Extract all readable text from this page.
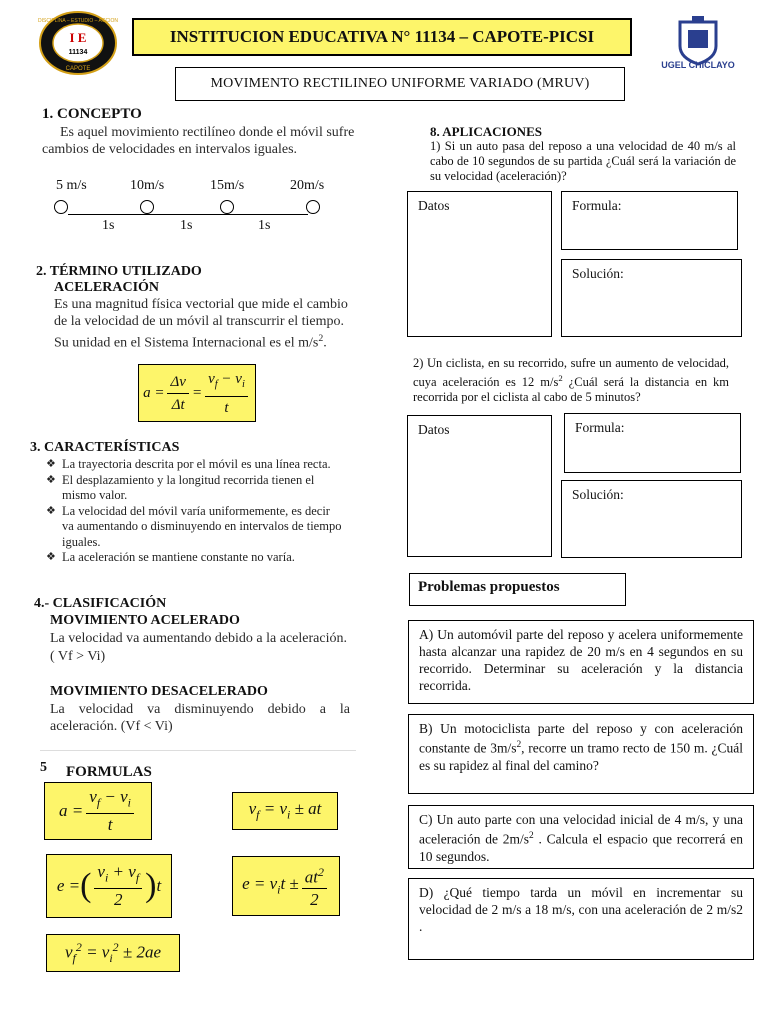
I E
11134
DISCIPLINA – ESTUDIO – ACCION
CAPOTE
INSTITUCION EDUCATIVA N° 11134 – CAPOTE-PICSI
UGEL CHICLAYO
MOVIMENTO RECTILINEO UNIFORME VARIADO (MRUV)
1. CONCEPTO
Es aquel movimiento rectilíneo donde el móvil sufre cambios de velocidades en intervalos iguales.
5 m/s	10m/s	15m/s	20m/s
1s	1s	1s
2. TÉRMINO UTILIZADO
ACELERACIÓN
Es una magnitud física vectorial que mide el cambio de la velocidad de un móvil al transcurrir el tiempo. Su unidad en el Sistema Internacional es el $m/s^2$.
$a = \frac{\Delta v}{\Delta t} = \frac{v_f - v_i}{t}$
3. CARACTERÍSTICAS
❖ La trayectoria descrita por el móvil es una línea recta.
❖ El desplazamiento y la longitud recorrida tienen el mismo valor.
❖ La velocidad del móvil varía uniformemente, es decir va aumentando o disminuyendo en intervalos de tiempo iguales.
❖ La aceleración se mantiene constante no varía.
4.- CLASIFICACIÓN
MOVIMIENTO ACELERADO
La velocidad va aumentando debido a la aceleración.
( Vf > Vi)
MOVIMIENTO DESACELERADO
La velocidad va disminuyendo debido a la aceleración. (Vf < Vi)
5 FORMULAS
$a = \frac{v_f - v_i}{t}$	$v_f = v_i$ ± at
e = ( $\frac{v_i + v_f}{2}$ ) t	$e = v_it \pm \frac{at^2}{2}$
$v_f^2 = v_i^2 \pm 2ae$
8. APLICACIONES
1) Si un auto pasa del reposo a una velocidad de 40 m/s al cabo de 10 segundos de su partida ¿Cuál será la variación de su velocidad (aceleración)?
Datos	Formula:
Solución:
2) Un ciclista, en su recorrido, sufre un aumento de velocidad, cuya aceleración es 12 $m/s^2$ ¿Cuál será la distancia en km recorrida por el ciclista al cabo de 5 minutos?
Datos	Formula:
Solución:
Problemas propuestos
A) Un automóvil parte del reposo y acelera uniformemente hasta alcanzar una rapidez de 20 m/s en 4 segundos en su recorrido. Determinar su aceleración y la distancia recorrida.
B) Un motociclista parte del reposo y con aceleración constante de $3m/s^2$, recorre un tramo recto de 150 m. ¿Cuál es su rapidez al final del camino?
C) Un auto parte con una velocidad inicial de 4 m/s, y una aceleración de $2m/s^2$ . Calcula el espacio que recorrerá en 10 segundos.
D) ¿Qué tiempo tarda un móvil en incrementar su velocidad de 2 m/s a 18 m/s, con una aceleración de 2 m/s2 .
